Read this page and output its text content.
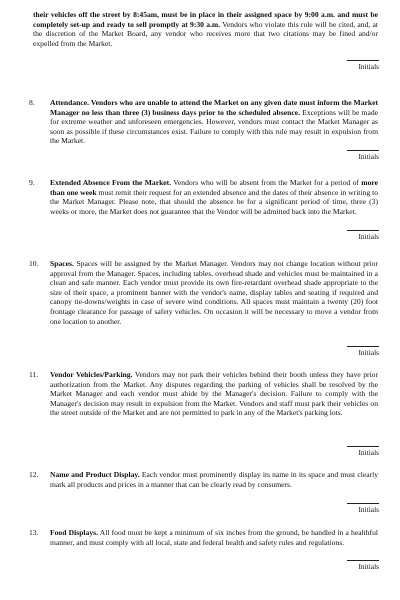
their vehicles off the street by 8:45am, must be in place in their assigned space by 9:00 a.m. and must be completely set-up and ready to sell promptly at 9:30 a.m. Vendors who violate this rule will be cited, and, at the discretion of the Market Board, any vendor who receives more that two citations may be fined and/or expelled from the Market.
Initials
8. Attendance. Vendors who are unable to attend the Market on any given date must inform the Market Manager no less than three (3) business days prior to the scheduled absence. Exceptions will be made for extreme weather and unforeseen emergencies. However, vendors must contact the Market Manager as soon as possible if these circumstances exist. Failure to comply with this rule may result in expulsion from the Market.
Initials
9. Extended Absence From the Market. Vendors who will be absent from the Market for a period of more than one week must remit their request for an extended absence and the dates of their absence in writing to the Market Manager. Please note, that should the absence be for a significant period of time, three (3) weeks or more, the Market does not guarantee that the Vendor will be admitted back into the Market.
Initials
10. Spaces. Spaces will be assigned by the Market Manager. Vendors may not change location without prior approval from the Manager. Spaces, including tables, overhead shade and vehicles must be maintained in a clean and safe manner. Each vendor must provide its own fire-retardant overhead shade appropriate to the size of their space, a prominent banner with the vendor's name, display tables and seating if required and canopy tie-downs/weights in case of severe wind conditions. All spaces must maintain a twenty (20) foot frontage clearance for passage of safety vehicles. On occasion it will be necessary to move a vendor from one location to another.
Initials
11. Vendor Vehicles/Parking. Vendors may not park their vehicles behind their booth unless they have prior authorization from the Market. Any disputes regarding the parking of vehicles shall be resolved by the Market Manager and each vendor must abide by the Manager's decision. Failure to comply with the Manager's decision may result in expulsion from the Market. Vendors and staff must park their vehicles on the street outside of the Market and are not permitted to park in any of the Market's parking lots.
Initials
12. Name and Product Display. Each vendor must prominently display its name in its space and must clearly mark all products and prices in a manner that can be clearly read by consumers.
Initials
13. Food Displays. All food must be kept a minimum of six inches from the ground, be handled in a healthful manner, and must comply with all local, state and federal health and safety rules and regulations.
Initials
